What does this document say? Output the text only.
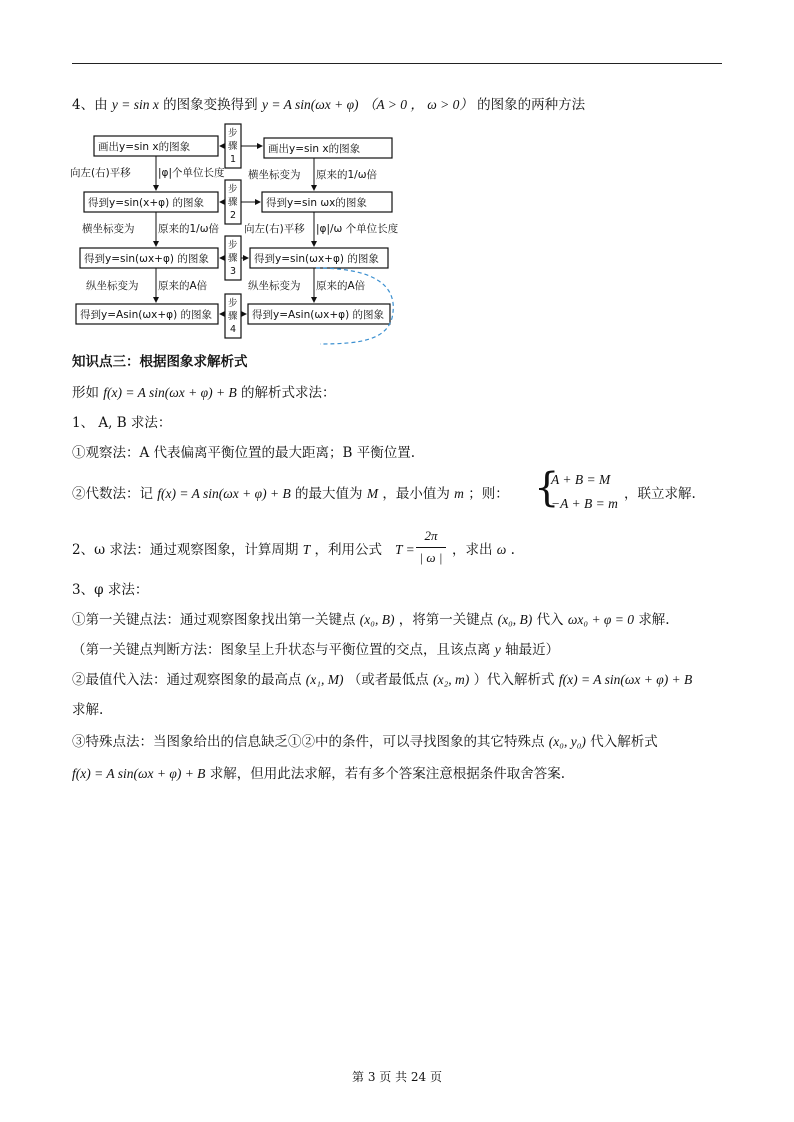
4、由 y = sin x 的图象变换得到 y = A sin(ωx + φ) （A > 0 ， ω > 0） 的图象的两种方法
画出y=sin x的图象
得到y=sin(x+φ) 的图象
得到y=sin(ωx+φ) 的图象
得到y=Asin(ωx+φ) 的图象
画出y=sin x的图象
得到y=sin ωx的图象
得到y=sin(ωx+φ) 的图象
得到y=Asin(ωx+φ) 的图象
向左(右)平移	|φ|个单位长度
横坐标变为 原来的1/ω倍
纵坐标变为 原来的A倍
横坐标变为 原来的1/ω倍
向左(右)平移 |φ|/ω 个单位长度
纵坐标变为 原来的A倍
步
骤
1
步
骤
2
步
骤
3
步
骤
4
知识点三：根据图象求解析式
形如 f(x) = A sin(ωx + φ) + B 的解析式求法：
1、 A, B 求法：
①观察法：A 代表偏离平衡位置的最大距离；B 平衡位置.
②代数法：记 f(x) = A sin(ωx + φ) + B 的最大值为 M ，最小值为 m ；则： {
A + B = M
−A + B = m
，联立求解.
2、ω 求法：通过观察图象，计算周期 T ，利用公式 T =
2π
| ω | ，求出 ω .
3、φ 求法：
①第一关键点法：通过观察图象找出第一关键点 (x₀, B) ，将第一关键点 (x₀, B) 代入 ωx₀ + φ = 0 求解.
（第一关键点判断方法：图象呈上升状态与平衡位置的交点，且该点离 y 轴最近）
②最值代入法：通过观察图象的最高点 (x₁, M) （或者最低点 (x₂, m) ）代入解析式 f(x) = A sin(ωx + φ) + B
求解.
③特殊点法：当图象给出的信息缺乏①②中的条件，可以寻找图象的其它特殊点 (x₀, y₀) 代入解析式
f(x) = A sin(ωx + φ) + B 求解，但用此法求解，若有多个答案注意根据条件取舍答案.
第 3 页 共 24 页
